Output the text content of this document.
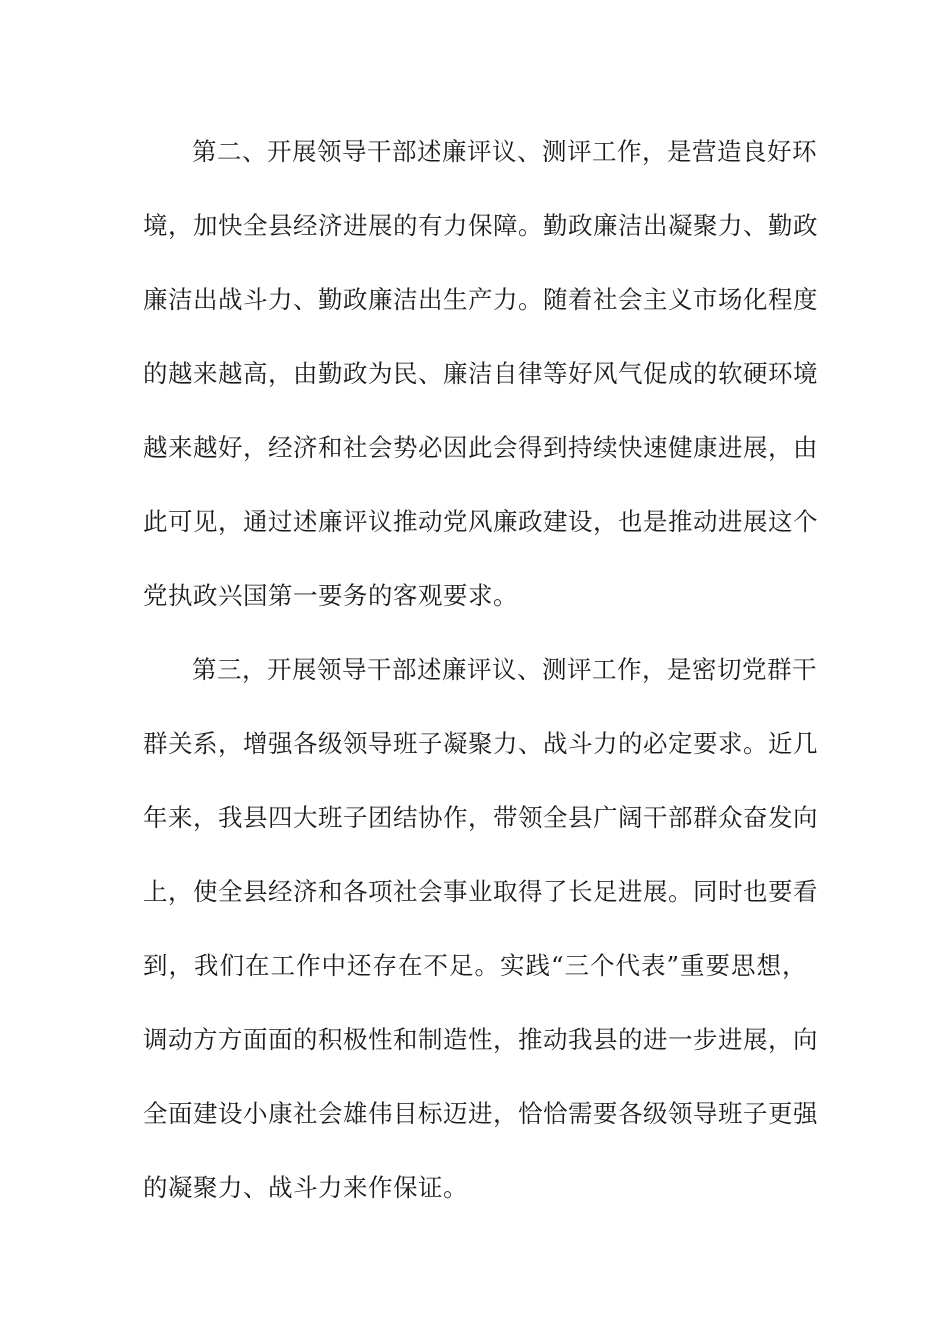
第二、开展领导干部述廉评议、测评工作，是营造良好环
境，加快全县经济进展的有力保障。勤政廉洁出凝聚力、勤政
廉洁出战斗力、勤政廉洁出生产力。随着社会主义市场化程度
的越来越高，由勤政为民、廉洁自律等好风气促成的软硬环境
越来越好，经济和社会势必因此会得到持续快速健康进展，由
此可见，通过述廉评议推动党风廉政建设，也是推动进展这个
党执政兴国第一要务的客观要求。
第三，开展领导干部述廉评议、测评工作，是密切党群干
群关系，增强各级领导班子凝聚力、战斗力的必定要求。近几
年来，我县四大班子团结协作，带领全县广阔干部群众奋发向
上，使全县经济和各项社会事业取得了长足进展。同时也要看
到，我们在工作中还存在不足。实践“三个代表”重要思想，
调动方方面面的积极性和制造性，推动我县的进一步进展，向
全面建设小康社会雄伟目标迈进，恰恰需要各级领导班子更强
的凝聚力、战斗力来作保证。
